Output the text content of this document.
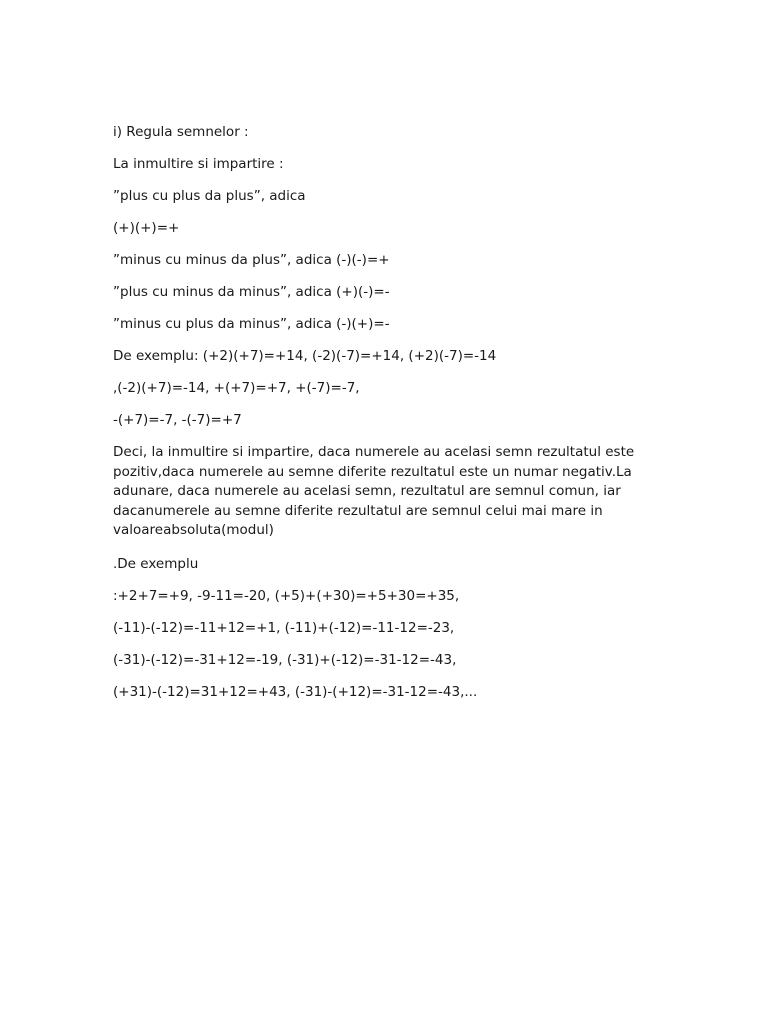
i) Regula semnelor :

La inmultire si impartire :

”plus cu plus da plus”, adica

(+)(+)=+

”minus cu minus da plus”, adica (-)(-)=+

”plus cu minus da minus”, adica (+)(-)=-

”minus cu plus da minus”, adica (-)(+)=-

De exemplu: (+2)(+7)=+14, (-2)(-7)=+14, (+2)(-7)=-14

,(-2)(+7)=-14, +(+7)=+7, +(-7)=-7,

-(+7)=-7, -(-7)=+7

Deci, la inmultire si impartire, daca numerele au acelasi semn rezultatul este
pozitiv,daca numerele au semne diferite rezultatul este un numar negativ.La
adunare, daca numerele au acelasi semn, rezultatul are semnul comun, iar
dacanumerele au semne diferite rezultatul are semnul celui mai mare in
valoareabsoluta(modul)

.De exemplu

:+2+7=+9, -9-11=-20, (+5)+(+30)=+5+30=+35,

(-11)-(-12)=-11+12=+1, (-11)+(-12)=-11-12=-23,

(-31)-(-12)=-31+12=-19, (-31)+(-12)=-31-12=-43,

(+31)-(-12)=31+12=+43, (-31)-(+12)=-31-12=-43,...
